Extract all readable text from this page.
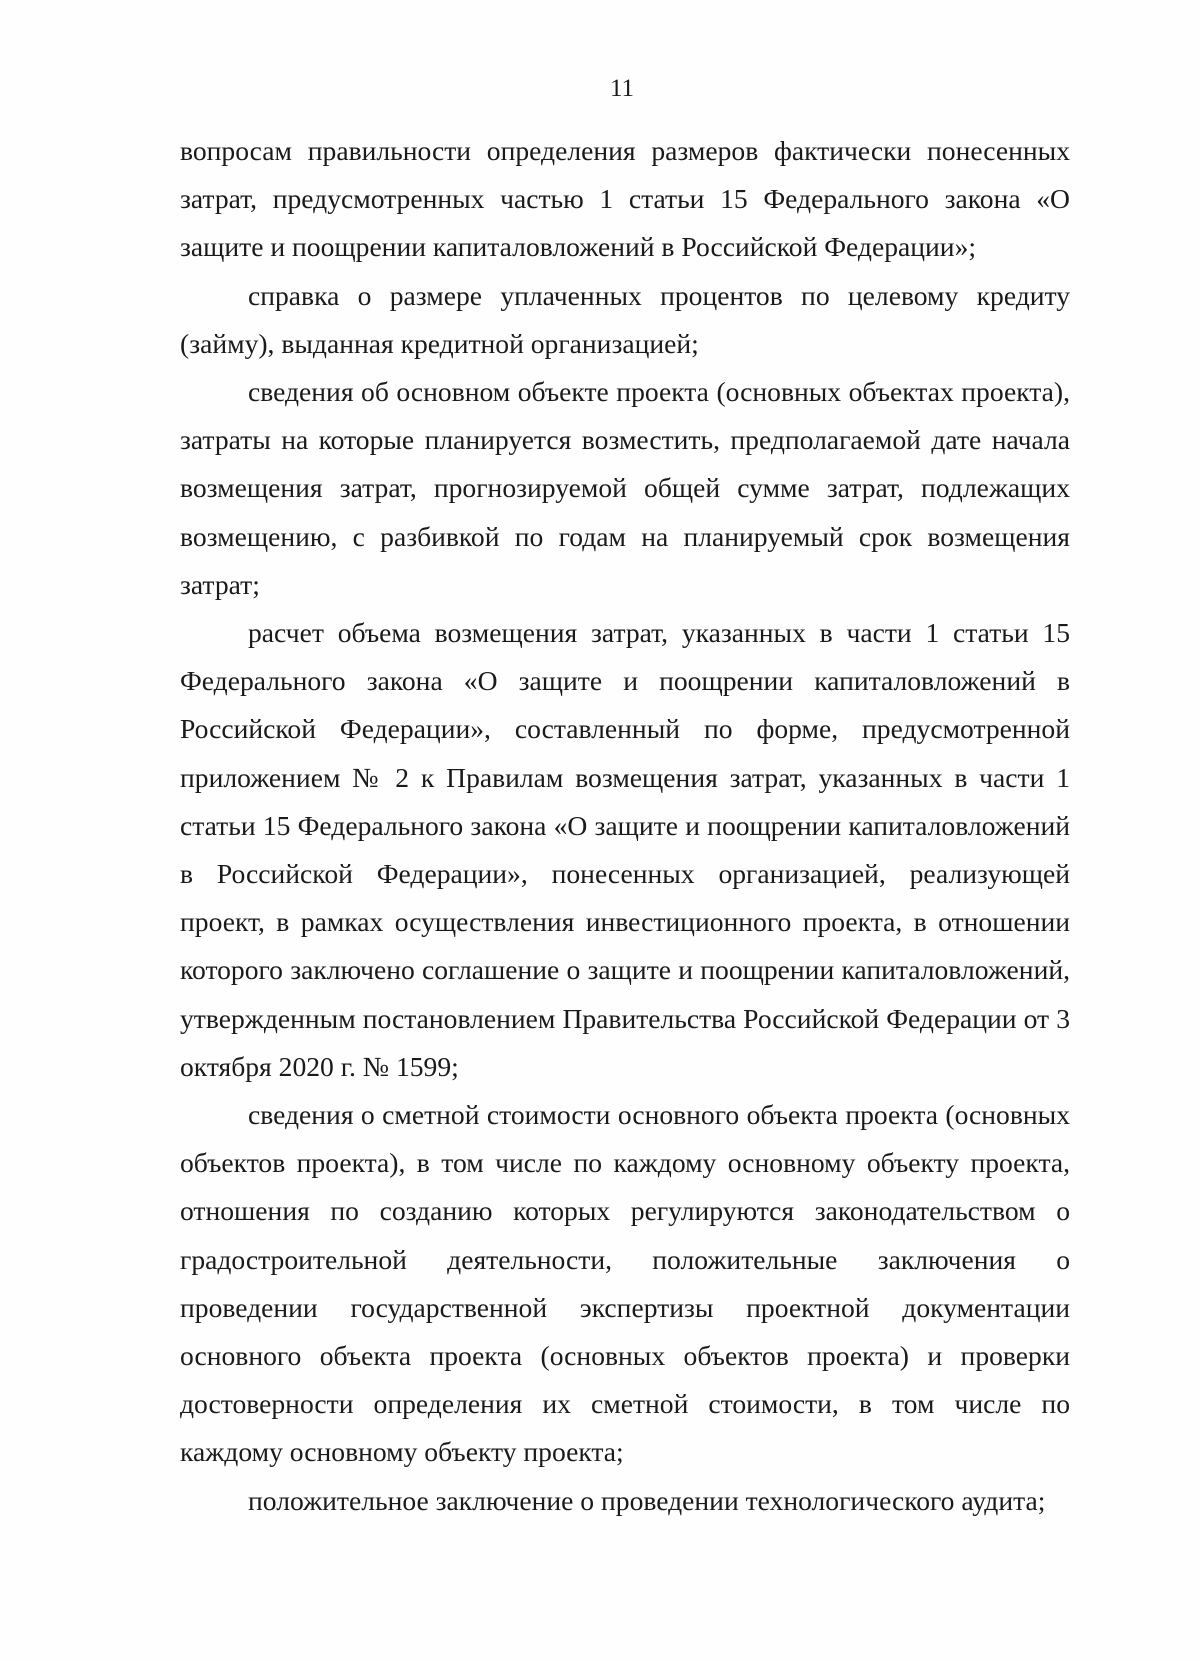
11

вопросам правильности определения размеров фактически понесенных затрат, предусмотренных частью 1 статьи 15 Федерального закона «О защите и поощрении капиталовложений в Российской Федерации»;

справка о размере уплаченных процентов по целевому кредиту (займу), выданная кредитной организацией;

сведения об основном объекте проекта (основных объектах проекта), затраты на которые планируется возместить, предполагаемой дате начала возмещения затрат, прогнозируемой общей сумме затрат, подлежащих возмещению, с разбивкой по годам на планируемый срок возмещения затрат;

расчет объема возмещения затрат, указанных в части 1 статьи 15 Федерального закона «О защите и поощрении капиталовложений в Российской Федерации», составленный по форме, предусмотренной приложением № 2 к Правилам возмещения затрат, указанных в части 1 статьи 15 Федерального закона «О защите и поощрении капиталовложений в Российской Федерации», понесенных организацией, реализующей проект, в рамках осуществления инвестиционного проекта, в отношении которого заключено соглашение о защите и поощрении капиталовложений, утвержденным постановлением Правительства Российской Федерации от 3 октября 2020 г. № 1599;

сведения о сметной стоимости основного объекта проекта (основных объектов проекта), в том числе по каждому основному объекту проекта, отношения по созданию которых регулируются законодательством о градостроительной деятельности, положительные заключения о проведении государственной экспертизы проектной документации основного объекта проекта (основных объектов проекта) и проверки достоверности определения их сметной стоимости, в том числе по каждому основному объекту проекта;

положительное заключение о проведении технологического аудита;
